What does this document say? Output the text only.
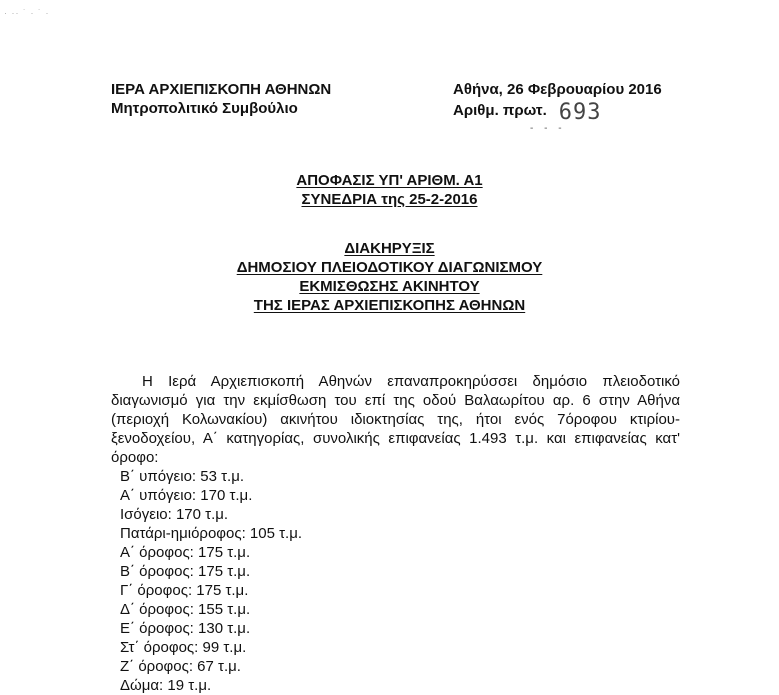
· ·· ˙ · ˙ ·
ΙΕΡΑ ΑΡΧΙΕΠΙΣΚΟΠΗ ΑΘΗΝΩΝ
Μητροπολιτικό Συμβούλιο
Αθήνα, 26 Φεβρουαρίου 2016
Αριθμ. πρωτ. 693
- - -
ΑΠΟΦΑΣΙΣ ΥΠ' ΑΡΙΘΜ. Α1
ΣΥΝΕΔΡΙΑ της 25-2-2016
ΔΙΑΚΗΡΥΞΙΣ
ΔΗΜΟΣΙΟΥ ΠΛΕΙΟΔΟΤΙΚΟΥ ΔΙΑΓΩΝΙΣΜΟΥ
ΕΚΜΙΣΘΩΣΗΣ ΑΚΙΝΗΤΟΥ
ΤΗΣ ΙΕΡΑΣ ΑΡΧΙΕΠΙΣΚΟΠΗΣ ΑΘΗΝΩΝ

Η Ιερά Αρχιεπισκοπή Αθηνών επαναπροκηρύσσει δημόσιο πλειοδοτικό διαγωνισμό για την εκμίσθωση του επί της οδού Βαλαωρίτου αρ. 6 στην Αθήνα (περιοχή Κολωνακίου) ακινήτου ιδιοκτησίας της, ήτοι ενός 7όροφου κτιρίου-ξενοδοχείου, Α΄ κατηγορίας, συνολικής επιφανείας 1.493 τ.μ. και επιφανείας κατ' όροφο:

Β΄ υπόγειο: 53 τ.μ.
Α΄ υπόγειο: 170 τ.μ.
Ισόγειο: 170 τ.μ.
Πατάρι-ημιόροφος: 105 τ.μ.
Α΄ όροφος: 175 τ.μ.
Β΄ όροφος: 175 τ.μ.
Γ΄ όροφος: 175 τ.μ.
Δ΄ όροφος: 155 τ.μ.
Ε΄ όροφος: 130 τ.μ.
Στ΄ όροφος: 99 τ.μ.
Ζ΄ όροφος: 67 τ.μ.
Δώμα: 19 τ.μ.
